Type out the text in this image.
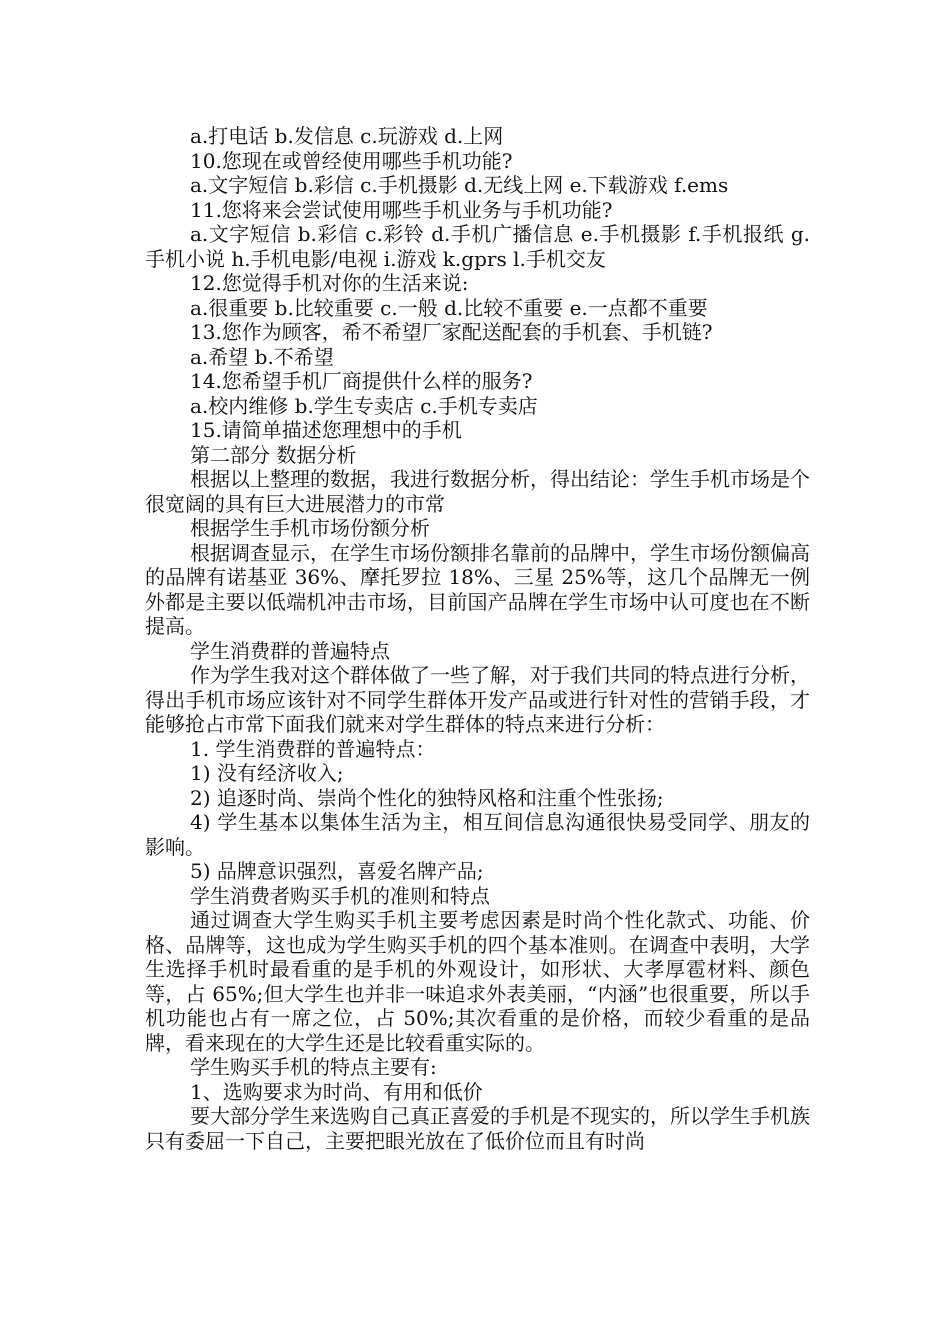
a.打电话 b.发信息 c.玩游戏 d.上网

10.您现在或曾经使用哪些手机功能?

a.文字短信 b.彩信 c.手机摄影 d.无线上网 e.下载游戏 f.ems

11.您将来会尝试使用哪些手机业务与手机功能?

a.文字短信 b.彩信 c.彩铃 d.手机广播信息 e.手机摄影 f.手机报纸 g.手机小说 h.手机电影/电视 i.游戏 k.gprs l.手机交友

12.您觉得手机对你的生活来说:

a.很重要 b.比较重要 c.一般 d.比较不重要 e.一点都不重要

13.您作为顾客，希不希望厂家配送配套的手机套、手机链?

a.希望 b.不希望

14.您希望手机厂商提供什么样的服务?

a.校内维修 b.学生专卖店 c.手机专卖店

15.请简单描述您理想中的手机

第二部分 数据分析

根据以上整理的数据，我进行数据分析，得出结论：学生手机市场是个很宽阔的具有巨大进展潜力的市常

根据学生手机市场份额分析

根据调查显示，在学生市场份额排名靠前的品牌中，学生市场份额偏高的品牌有诺基亚 36%、摩托罗拉 18%、三星 25%等，这几个品牌无一例外都是主要以低端机冲击市场，目前国产品牌在学生市场中认可度也在不断提高。

学生消费群的普遍特点

作为学生我对这个群体做了一些了解，对于我们共同的特点进行分析，得出手机市场应该针对不同学生群体开发产品或进行针对性的营销手段，才能够抢占市常下面我们就来对学生群体的特点来进行分析：

1. 学生消费群的普遍特点：

1) 没有经济收入;

2) 追逐时尚、崇尚个性化的独特风格和注重个性张扬;

4) 学生基本以集体生活为主，相互间信息沟通很快易受同学、朋友的影响。

5) 品牌意识强烈，喜爱名牌产品;

学生消费者购买手机的准则和特点

通过调查大学生购买手机主要考虑因素是时尚个性化款式、功能、价格、品牌等，这也成为学生购买手机的四个基本准则。在调查中表明，大学生选择手机时最看重的是手机的外观设计，如形状、大孝厚雹材料、颜色等，占 65%;但大学生也并非一味追求外表美丽，“内涵”也很重要，所以手机功能也占有一席之位，占 50%;其次看重的是价格，而较少看重的是品牌，看来现在的大学生还是比较看重实际的。

学生购买手机的特点主要有:

1、选购要求为时尚、有用和低价

要大部分学生来选购自己真正喜爱的手机是不现实的，所以学生手机族只有委屈一下自己，主要把眼光放在了低价位而且有时尚
